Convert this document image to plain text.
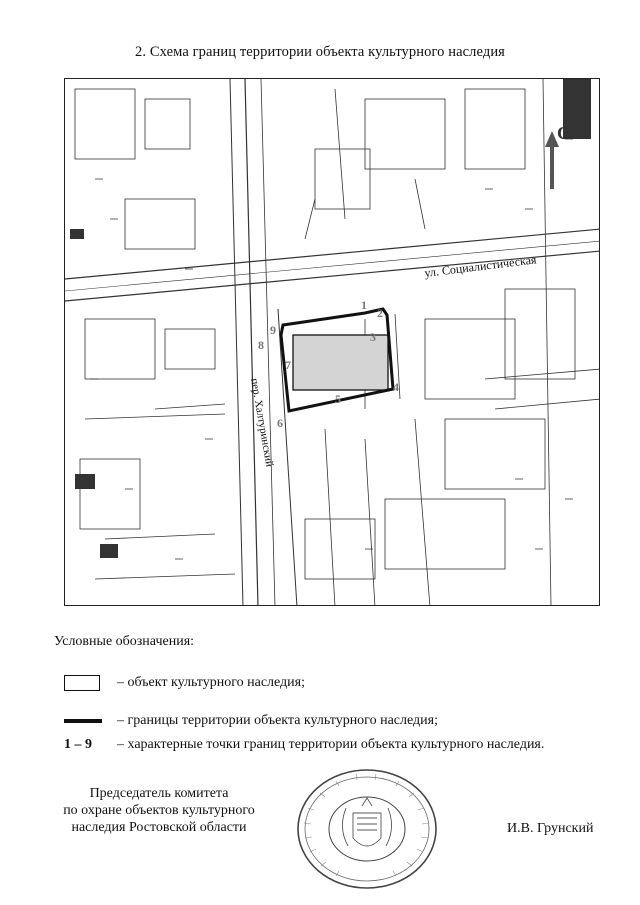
2. Схема границ территории объекта культурного наследия
ул. Социалистическая
пер. Халтуринский
С
1
2
3
4
5
6
7
8
9
Условные обозначения:
– объект культурного наследия;
– границы территории объекта культурного наследия;
1 – 9	– характерные точки границ территории объекта культурного наследия.
Председатель комитета
по охране объектов культурного
наследия Ростовской области	И.В. Грунский
